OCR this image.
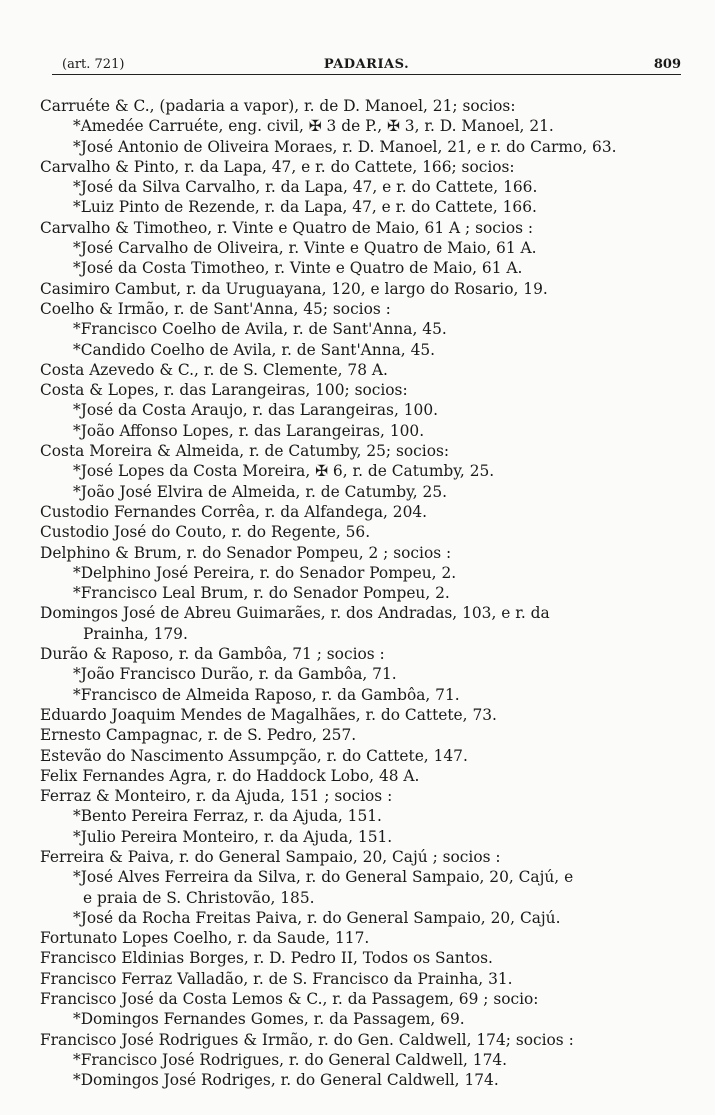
(art. 721)	PADARIAS.	809
Carruéte & C., (padaria a vapor), r. de D. Manoel, 21; socios:
*Amedée Carruéte, eng. civil, ✠ 3 de P., ✠ 3, r. D. Manoel, 21.
*José Antonio de Oliveira Moraes, r. D. Manoel, 21, e r. do Carmo, 63.
Carvalho & Pinto, r. da Lapa, 47, e r. do Cattete, 166; socios:
*José da Silva Carvalho, r. da Lapa, 47, e r. do Cattete, 166.
*Luiz Pinto de Rezende, r. da Lapa, 47, e r. do Cattete, 166.
Carvalho & Timotheo, r. Vinte e Quatro de Maio, 61 A ; socios :
*José Carvalho de Oliveira, r. Vinte e Quatro de Maio, 61 A.
*José da Costa Timotheo, r. Vinte e Quatro de Maio, 61 A.
Casimiro Cambut, r. da Uruguayana, 120, e largo do Rosario, 19.
Coelho & Irmão, r. de Sant'Anna, 45; socios :
*Francisco Coelho de Avila, r. de Sant'Anna, 45.
*Candido Coelho de Avila, r. de Sant'Anna, 45.
Costa Azevedo & C., r. de S. Clemente, 78 A.
Costa & Lopes, r. das Larangeiras, 100; socios:
*José da Costa Araujo, r. das Larangeiras, 100.
*João Affonso Lopes, r. das Larangeiras, 100.
Costa Moreira & Almeida, r. de Catumby, 25; socios:
*José Lopes da Costa Moreira, ✠ 6, r. de Catumby, 25.
*João José Elvira de Almeida, r. de Catumby, 25.
Custodio Fernandes Corrêa, r. da Alfandega, 204.
Custodio José do Couto, r. do Regente, 56.
Delphino & Brum, r. do Senador Pompeu, 2 ; socios :
*Delphino José Pereira, r. do Senador Pompeu, 2.
*Francisco Leal Brum, r. do Senador Pompeu, 2.
Domingos José de Abreu Guimarães, r. dos Andradas, 103, e r. da
Prainha, 179.
Durão & Raposo, r. da Gambôa, 71 ; socios :
*João Francisco Durão, r. da Gambôa, 71.
*Francisco de Almeida Raposo, r. da Gambôa, 71.
Eduardo Joaquim Mendes de Magalhães, r. do Cattete, 73.
Ernesto Campagnac, r. de S. Pedro, 257.
Estevão do Nascimento Assumpção, r. do Cattete, 147.
Felix Fernandes Agra, r. do Haddock Lobo, 48 A.
Ferraz & Monteiro, r. da Ajuda, 151 ; socios :
*Bento Pereira Ferraz, r. da Ajuda, 151.
*Julio Pereira Monteiro, r. da Ajuda, 151.
Ferreira & Paiva, r. do General Sampaio, 20, Cajú ; socios :
*José Alves Ferreira da Silva, r. do General Sampaio, 20, Cajú, e
e praia de S. Christovão, 185.
*José da Rocha Freitas Paiva, r. do General Sampaio, 20, Cajú.
Fortunato Lopes Coelho, r. da Saude, 117.
Francisco Eldinias Borges, r. D. Pedro II, Todos os Santos.
Francisco Ferraz Valladão, r. de S. Francisco da Prainha, 31.
Francisco José da Costa Lemos & C., r. da Passagem, 69 ; socio:
*Domingos Fernandes Gomes, r. da Passagem, 69.
Francisco José Rodrigues & Irmão, r. do Gen. Caldwell, 174; socios :
*Francisco José Rodrigues, r. do General Caldwell, 174.
*Domingos José Rodriges, r. do General Caldwell, 174.
